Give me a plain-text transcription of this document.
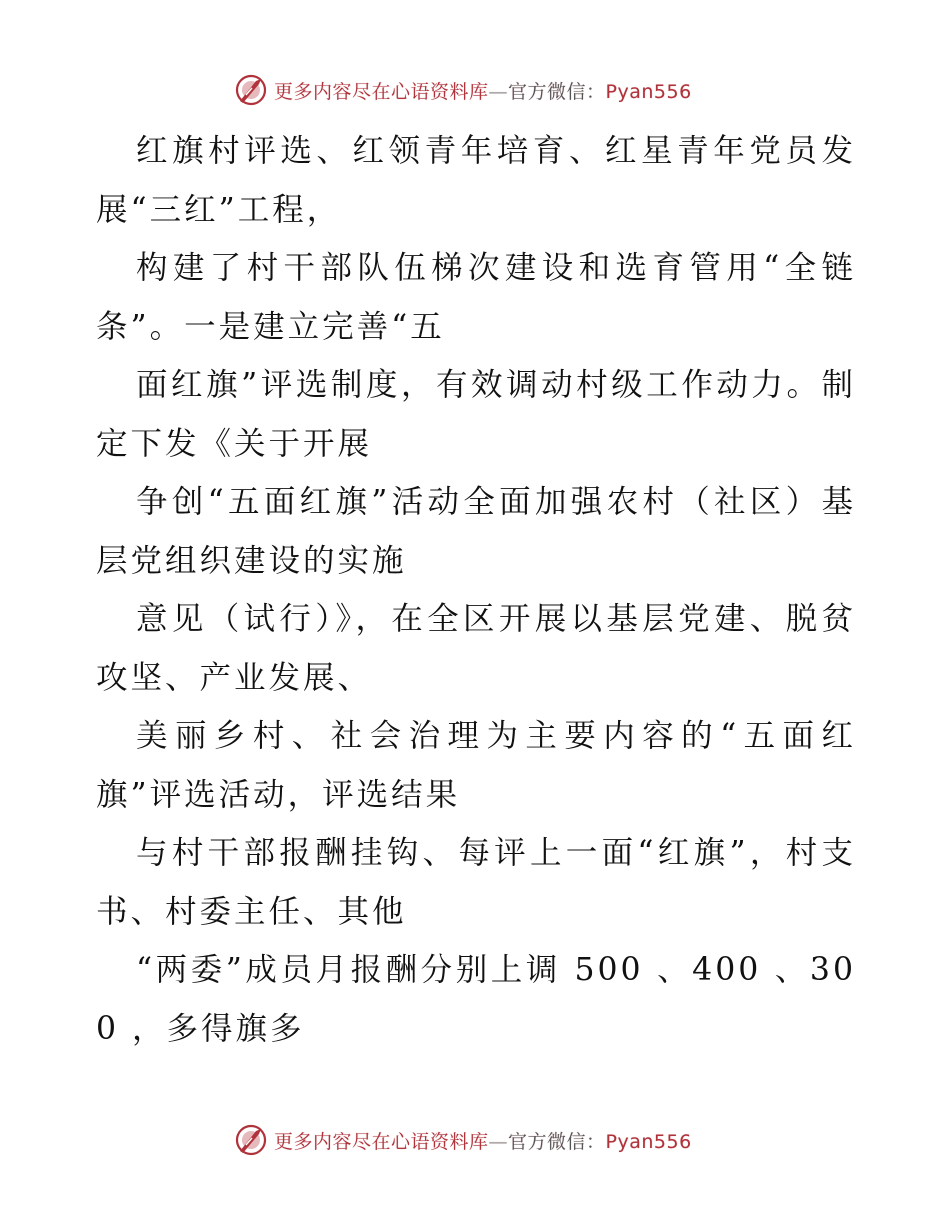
更多内容尽在心语资料库—官方微信：Pyan556

红旗村评选、红领青年培育、红星青年党员发展“三红”工程，

构建了村干部队伍梯次建设和选育管用“全链条”。一是建立完善“五

面红旗”评选制度，有效调动村级工作动力。制定下发《关于开展

争创“五面红旗”活动全面加强农村（社区）基层党组织建设的实施

意见（试行）》，在全区开展以基层党建、脱贫攻坚、产业发展、

美丽乡村、社会治理为主要内容的“五面红旗”评选活动，评选结果

与村干部报酬挂钩、每评上一面“红旗”，村支书、村委主任、其他

“两委”成员月报酬分别上调 500 、400 、300 ，多得旗多

更多内容尽在心语资料库—官方微信：Pyan556
